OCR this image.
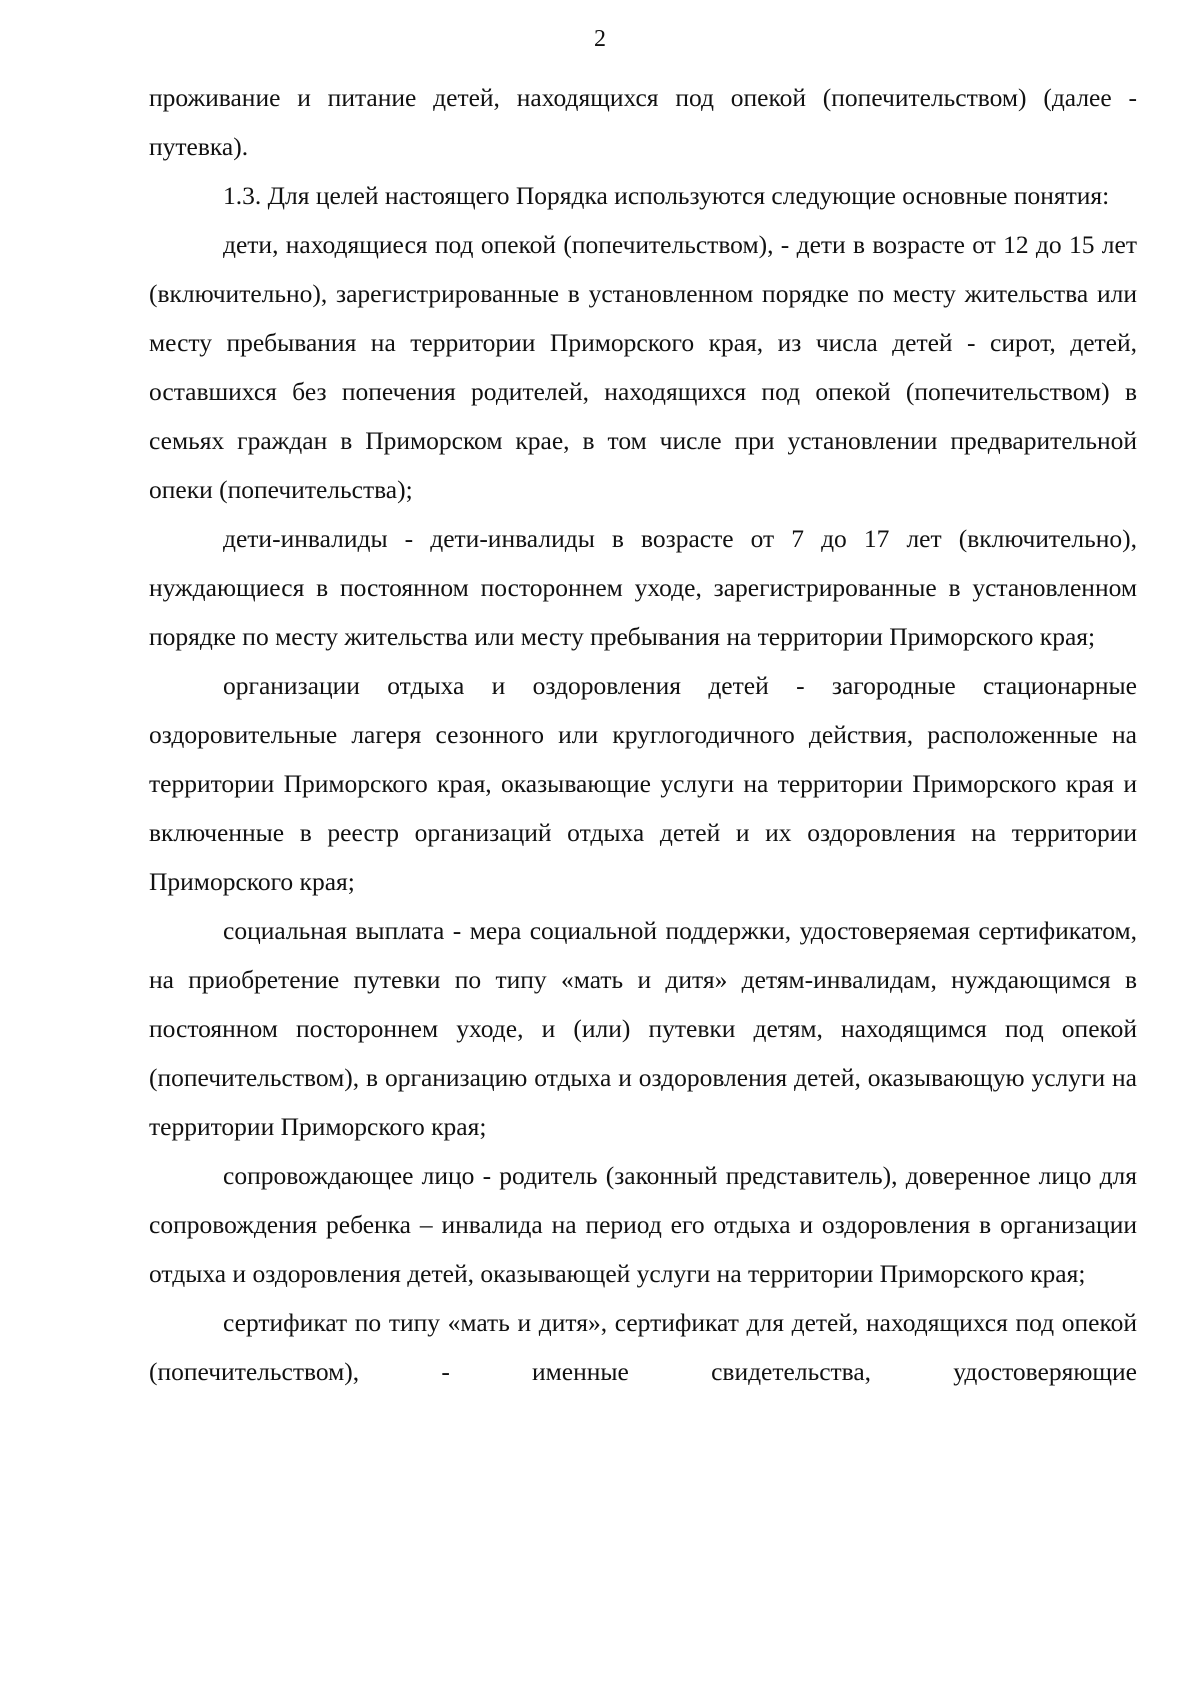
2

проживание и питание детей, находящихся под опекой (попечительством) (далее - путевка).

1.3. Для целей настоящего Порядка используются следующие основные понятия:

дети, находящиеся под опекой (попечительством), - дети в возрасте от 12 до 15 лет (включительно), зарегистрированные в установленном порядке по месту жительства или месту пребывания на территории Приморского края, из числа детей - сирот, детей, оставшихся без попечения родителей, находящихся под опекой (попечительством) в семьях граждан в Приморском крае, в том числе при установлении предварительной опеки (попечительства);

дети-инвалиды - дети-инвалиды в возрасте от 7 до 17 лет (включительно), нуждающиеся в постоянном постороннем уходе, зарегистрированные в установленном порядке по месту жительства или месту пребывания на территории Приморского края;

организации отдыха и оздоровления детей - загородные стационарные оздоровительные лагеря сезонного или круглогодичного действия, расположенные на территории Приморского края, оказывающие услуги на территории Приморского края и включенные в реестр организаций отдыха детей и их оздоровления на территории Приморского края;

социальная выплата - мера социальной поддержки, удостоверяемая сертификатом, на приобретение путевки по типу «мать и дитя» детям-инвалидам, нуждающимся в постоянном постороннем уходе, и (или) путевки детям, находящимся под опекой (попечительством), в организацию отдыха и оздоровления детей, оказывающую услуги на территории Приморского края;

сопровождающее лицо - родитель (законный представитель), доверенное лицо для сопровождения ребенка – инвалида на период его отдыха и оздоровления в организации отдыха и оздоровления детей, оказывающей услуги на территории Приморского края;

сертификат по типу «мать и дитя», сертификат для детей, находящихся под опекой (попечительством), - именные свидетельства, удостоверяющие
